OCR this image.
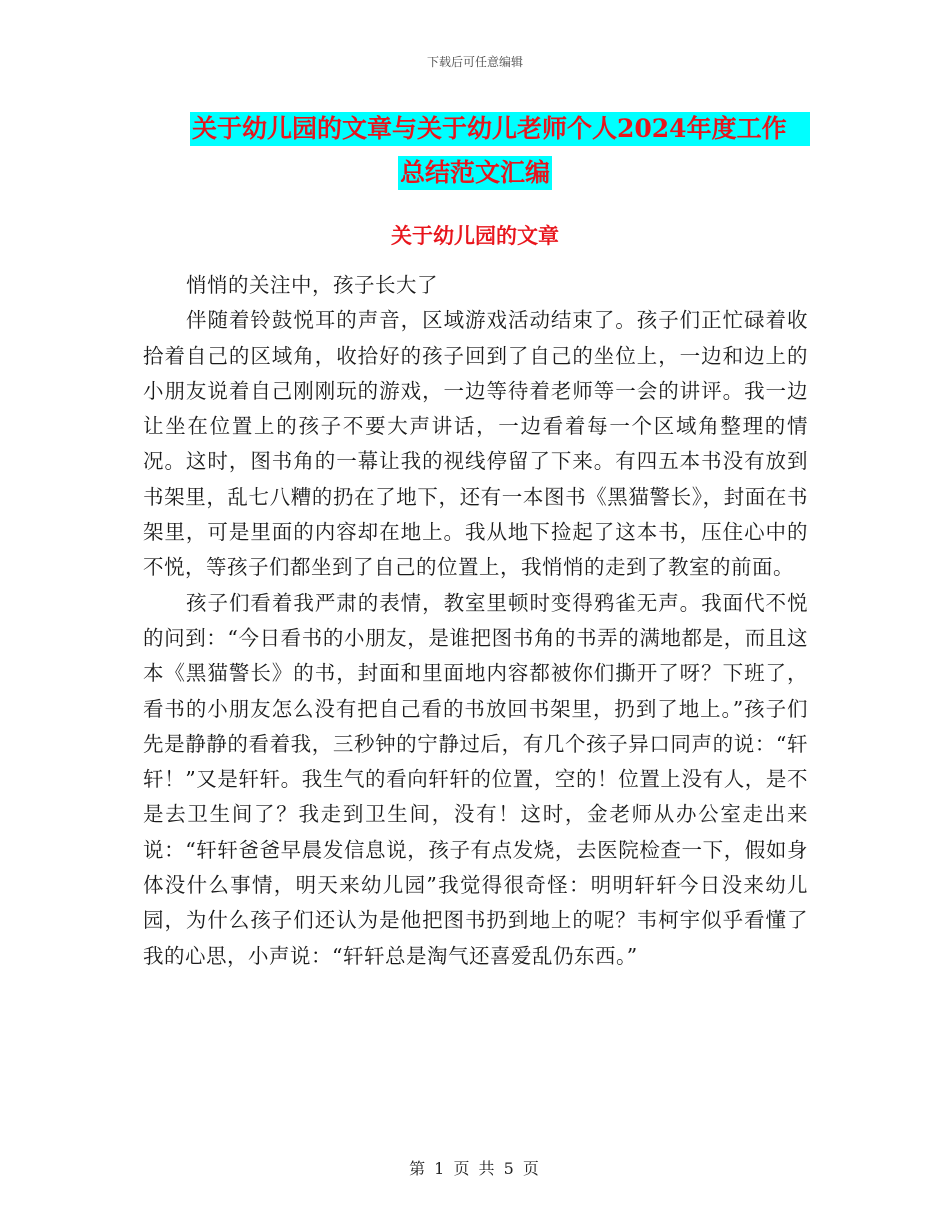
下载后可任意编辑
关于幼儿园的文章与关于幼儿老师个人2024年度工作
总结范文汇编
关于幼儿园的文章

悄悄的关注中，孩子长大了

伴随着铃鼓悦耳的声音，区域游戏活动结束了。孩子们正忙碌着收拾着自己的区域角，收拾好的孩子回到了自己的坐位上，一边和边上的小朋友说着自己刚刚玩的游戏，一边等待着老师等一会的讲评。我一边让坐在位置上的孩子不要大声讲话，一边看着每一个区域角整理的情况。这时，图书角的一幕让我的视线停留了下来。有四五本书没有放到书架里，乱七八糟的扔在了地下，还有一本图书《黑猫警长》，封面在书架里，可是里面的内容却在地上。我从地下捡起了这本书，压住心中的不悦，等孩子们都坐到了自己的位置上，我悄悄的走到了教室的前面。

孩子们看着我严肃的表情，教室里顿时变得鸦雀无声。我面代不悦的问到：“今日看书的小朋友，是谁把图书角的书弄的满地都是，而且这本《黑猫警长》的书，封面和里面地内容都被你们撕开了呀？下班了，看书的小朋友怎么没有把自己看的书放回书架里，扔到了地上。”孩子们先是静静的看着我，三秒钟的宁静过后，有几个孩子异口同声的说：“轩轩！”又是轩轩。我生气的看向轩轩的位置，空的！位置上没有人，是不是去卫生间了？我走到卫生间，没有！这时，金老师从办公室走出来说：“轩轩爸爸早晨发信息说，孩子有点发烧，去医院检查一下，假如身体没什么事情，明天来幼儿园”我觉得很奇怪：明明轩轩今日没来幼儿园，为什么孩子们还认为是他把图书扔到地上的呢？韦柯宇似乎看懂了我的心思，小声说：“轩轩总是淘气还喜爱乱仍东西。”

第 1 页 共 5 页
